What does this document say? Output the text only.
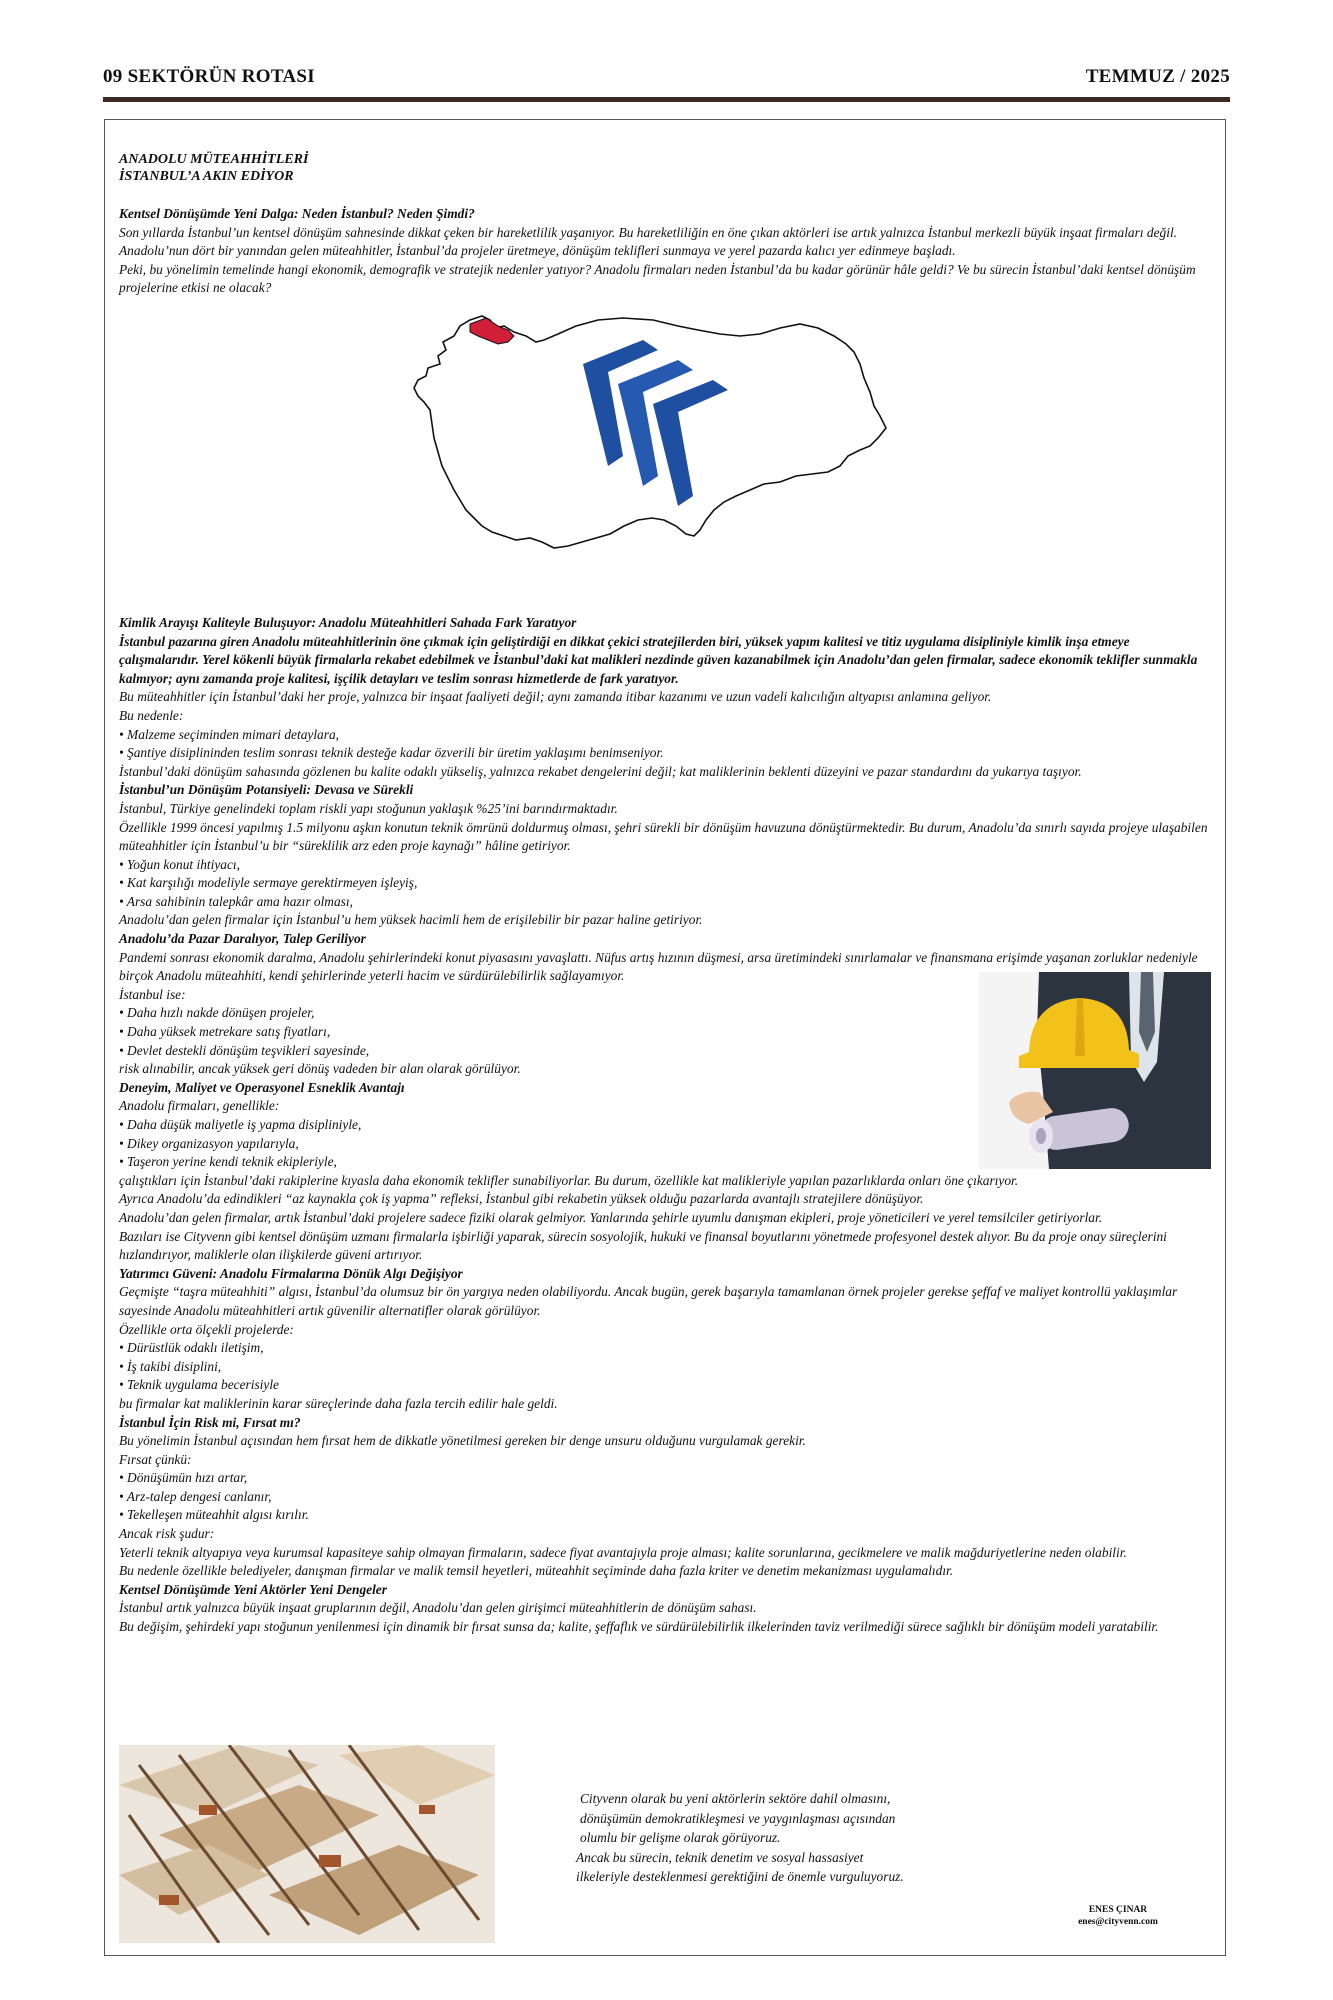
09 SEKTÖRÜN ROTASI	TEMMUZ / 2025

ANADOLU MÜTEAHHİTLERİ
İSTANBUL’A AKIN EDİYOR

Kentsel Dönüşümde Yeni Dalga: Neden İstanbul? Neden Şimdi?

Son yıllarda İstanbul’un kentsel dönüşüm sahnesinde dikkat çeken bir hareketlilik yaşanıyor. Bu hareketliliğin en öne çıkan aktörleri ise artık yalnızca İstanbul merkezli büyük inşaat firmaları değil. Anadolu’nun dört bir yanından gelen müteahhitler, İstanbul’da projeler üretmeye, dönüşüm teklifleri sunmaya ve yerel pazarda kalıcı yer edinmeye başladı.

Peki, bu yönelimin temelinde hangi ekonomik, demografik ve stratejik nedenler yatıyor? Anadolu firmaları neden İstanbul’da bu kadar görünür hâle geldi? Ve bu sürecin İstanbul’daki kentsel dönüşüm projelerine etkisi ne olacak?

Kimlik Arayışı Kaliteyle Buluşuyor: Anadolu Müteahhitleri Sahada Fark Yaratıyor

İstanbul pazarına giren Anadolu müteahhitlerinin öne çıkmak için geliştirdiği en dikkat çekici stratejilerden biri, yüksek yapım kalitesi ve titiz uygulama disipliniyle kimlik inşa etmeye çalışmalarıdır. Yerel kökenli büyük firmalarla rekabet edebilmek ve İstanbul’daki kat malikleri nezdinde güven kazanabilmek için Anadolu’dan gelen firmalar, sadece ekonomik teklifler sunmakla kalmıyor; aynı zamanda proje kalitesi, işçilik detayları ve teslim sonrası hizmetlerde de fark yaratıyor.

Bu müteahhitler için İstanbul’daki her proje, yalnızca bir inşaat faaliyeti değil; aynı zamanda itibar kazanımı ve uzun vadeli kalıcılığın altyapısı anlamına geliyor.

Bu nedenle:

• Malzeme seçiminden mimari detaylara,

• Şantiye disiplininden teslim sonrası teknik desteğe kadar özverili bir üretim yaklaşımı benimseniyor.

İstanbul’daki dönüşüm sahasında gözlenen bu kalite odaklı yükseliş, yalnızca rekabet dengelerini değil; kat maliklerinin beklenti düzeyini ve pazar standardını da yukarıya taşıyor.

İstanbul’un Dönüşüm Potansiyeli: Devasa ve Sürekli

İstanbul, Türkiye genelindeki toplam riskli yapı stoğunun yaklaşık %25’ini barındırmaktadır.

Özellikle 1999 öncesi yapılmış 1.5 milyonu aşkın konutun teknik ömrünü doldurmuş olması, şehri sürekli bir dönüşüm havuzuna dönüştürmektedir. Bu durum, Anadolu’da sınırlı sayıda projeye ulaşabilen müteahhitler için İstanbul’u bir “süreklilik arz eden proje kaynağı” hâline getiriyor.

• Yoğun konut ihtiyacı,

• Kat karşılığı modeliyle sermaye gerektirmeyen işleyiş,

• Arsa sahibinin talepkâr ama hazır olması,

Anadolu’dan gelen firmalar için İstanbul’u hem yüksek hacimli hem de erişilebilir bir pazar haline getiriyor.

Anadolu’da Pazar Daralıyor, Talep Geriliyor

Pandemi sonrası ekonomik daralma, Anadolu şehirlerindeki konut piyasasını yavaşlattı. Nüfus artış hızının düşmesi, arsa üretimindeki sınırlamalar ve finansmana erişimde yaşanan zorluklar nedeniyle birçok Anadolu müteahhiti, kendi şehirlerinde yeterli hacim ve sürdürülebilirlik sağlayamıyor.

İstanbul ise:

• Daha hızlı nakde dönüşen projeler,

• Daha yüksek metrekare satış fiyatları,

• Devlet destekli dönüşüm teşvikleri sayesinde,

risk alınabilir, ancak yüksek geri dönüş vadeden bir alan olarak görülüyor.

Deneyim, Maliyet ve Operasyonel Esneklik Avantajı

Anadolu firmaları, genellikle:

• Daha düşük maliyetle iş yapma disipliniyle,

• Dikey organizasyon yapılarıyla,

• Taşeron yerine kendi teknik ekipleriyle,

çalıştıkları için İstanbul’daki rakiplerine kıyasla daha ekonomik teklifler sunabiliyorlar. Bu durum, özellikle kat malikleriyle yapılan pazarlıklarda onları öne çıkarıyor.

Ayrıca Anadolu’da edindikleri “az kaynakla çok iş yapma” refleksi, İstanbul gibi rekabetin yüksek olduğu pazarlarda avantajlı stratejilere dönüşüyor.

Anadolu’dan gelen firmalar, artık İstanbul’daki projelere sadece fiziki olarak gelmiyor. Yanlarında şehirle uyumlu danışman ekipleri, proje yöneticileri ve yerel temsilciler getiriyorlar.

Bazıları ise Cityvenn gibi kentsel dönüşüm uzmanı firmalarla işbirliği yaparak, sürecin sosyolojik, hukuki ve finansal boyutlarını yönetmede profesyonel destek alıyor. Bu da proje onay süreçlerini hızlandırıyor, maliklerle olan ilişkilerde güveni artırıyor.

Yatırımcı Güveni: Anadolu Firmalarına Dönük Algı Değişiyor

Geçmişte “taşra müteahhiti” algısı, İstanbul’da olumsuz bir ön yargıya neden olabiliyordu. Ancak bugün, gerek başarıyla tamamlanan örnek projeler gerekse şeffaf ve maliyet kontrollü yaklaşımlar sayesinde Anadolu müteahhitleri artık güvenilir alternatifler olarak görülüyor.

Özellikle orta ölçekli projelerde:

• Dürüstlük odaklı iletişim,

• İş takibi disiplini,

• Teknik uygulama becerisiyle

bu firmalar kat maliklerinin karar süreçlerinde daha fazla tercih edilir hale geldi.

İstanbul İçin Risk mi, Fırsat mı?

Bu yönelimin İstanbul açısından hem fırsat hem de dikkatle yönetilmesi gereken bir denge unsuru olduğunu vurgulamak gerekir.

Fırsat çünkü:

• Dönüşümün hızı artar,

• Arz-talep dengesi canlanır,

• Tekelleşen müteahhit algısı kırılır.

Ancak risk şudur:

Yeterli teknik altyapıya veya kurumsal kapasiteye sahip olmayan firmaların, sadece fiyat avantajıyla proje alması; kalite sorunlarına, gecikmelere ve malik mağduriyetlerine neden olabilir.

Bu nedenle özellikle belediyeler, danışman firmalar ve malik temsil heyetleri, müteahhit seçiminde daha fazla kriter ve denetim mekanizması uygulamalıdır.

Kentsel Dönüşümde Yeni Aktörler Yeni Dengeler

İstanbul artık yalnızca büyük inşaat gruplarının değil, Anadolu’dan gelen girişimci müteahhitlerin de dönüşüm sahası.

Bu değişim, şehirdeki yapı stoğunun yenilenmesi için dinamik bir fırsat sunsa da; kalite, şeffaflık ve sürdürülebilirlik ilkelerinden taviz verilmediği sürece sağlıklı bir dönüşüm modeli yaratabilir.

Cityvenn olarak bu yeni aktörlerin sektöre dahil olmasını,

dönüşümün demokratikleşmesi ve yaygınlaşması açısından

olumlu bir gelişme olarak görüyoruz.

Ancak bu sürecin, teknik denetim ve sosyal hassasiyet

ilkeleriyle desteklenmesi gerektiğini de önemle vurguluyoruz.

ENES ÇINAR
enes@cityvenn.com
